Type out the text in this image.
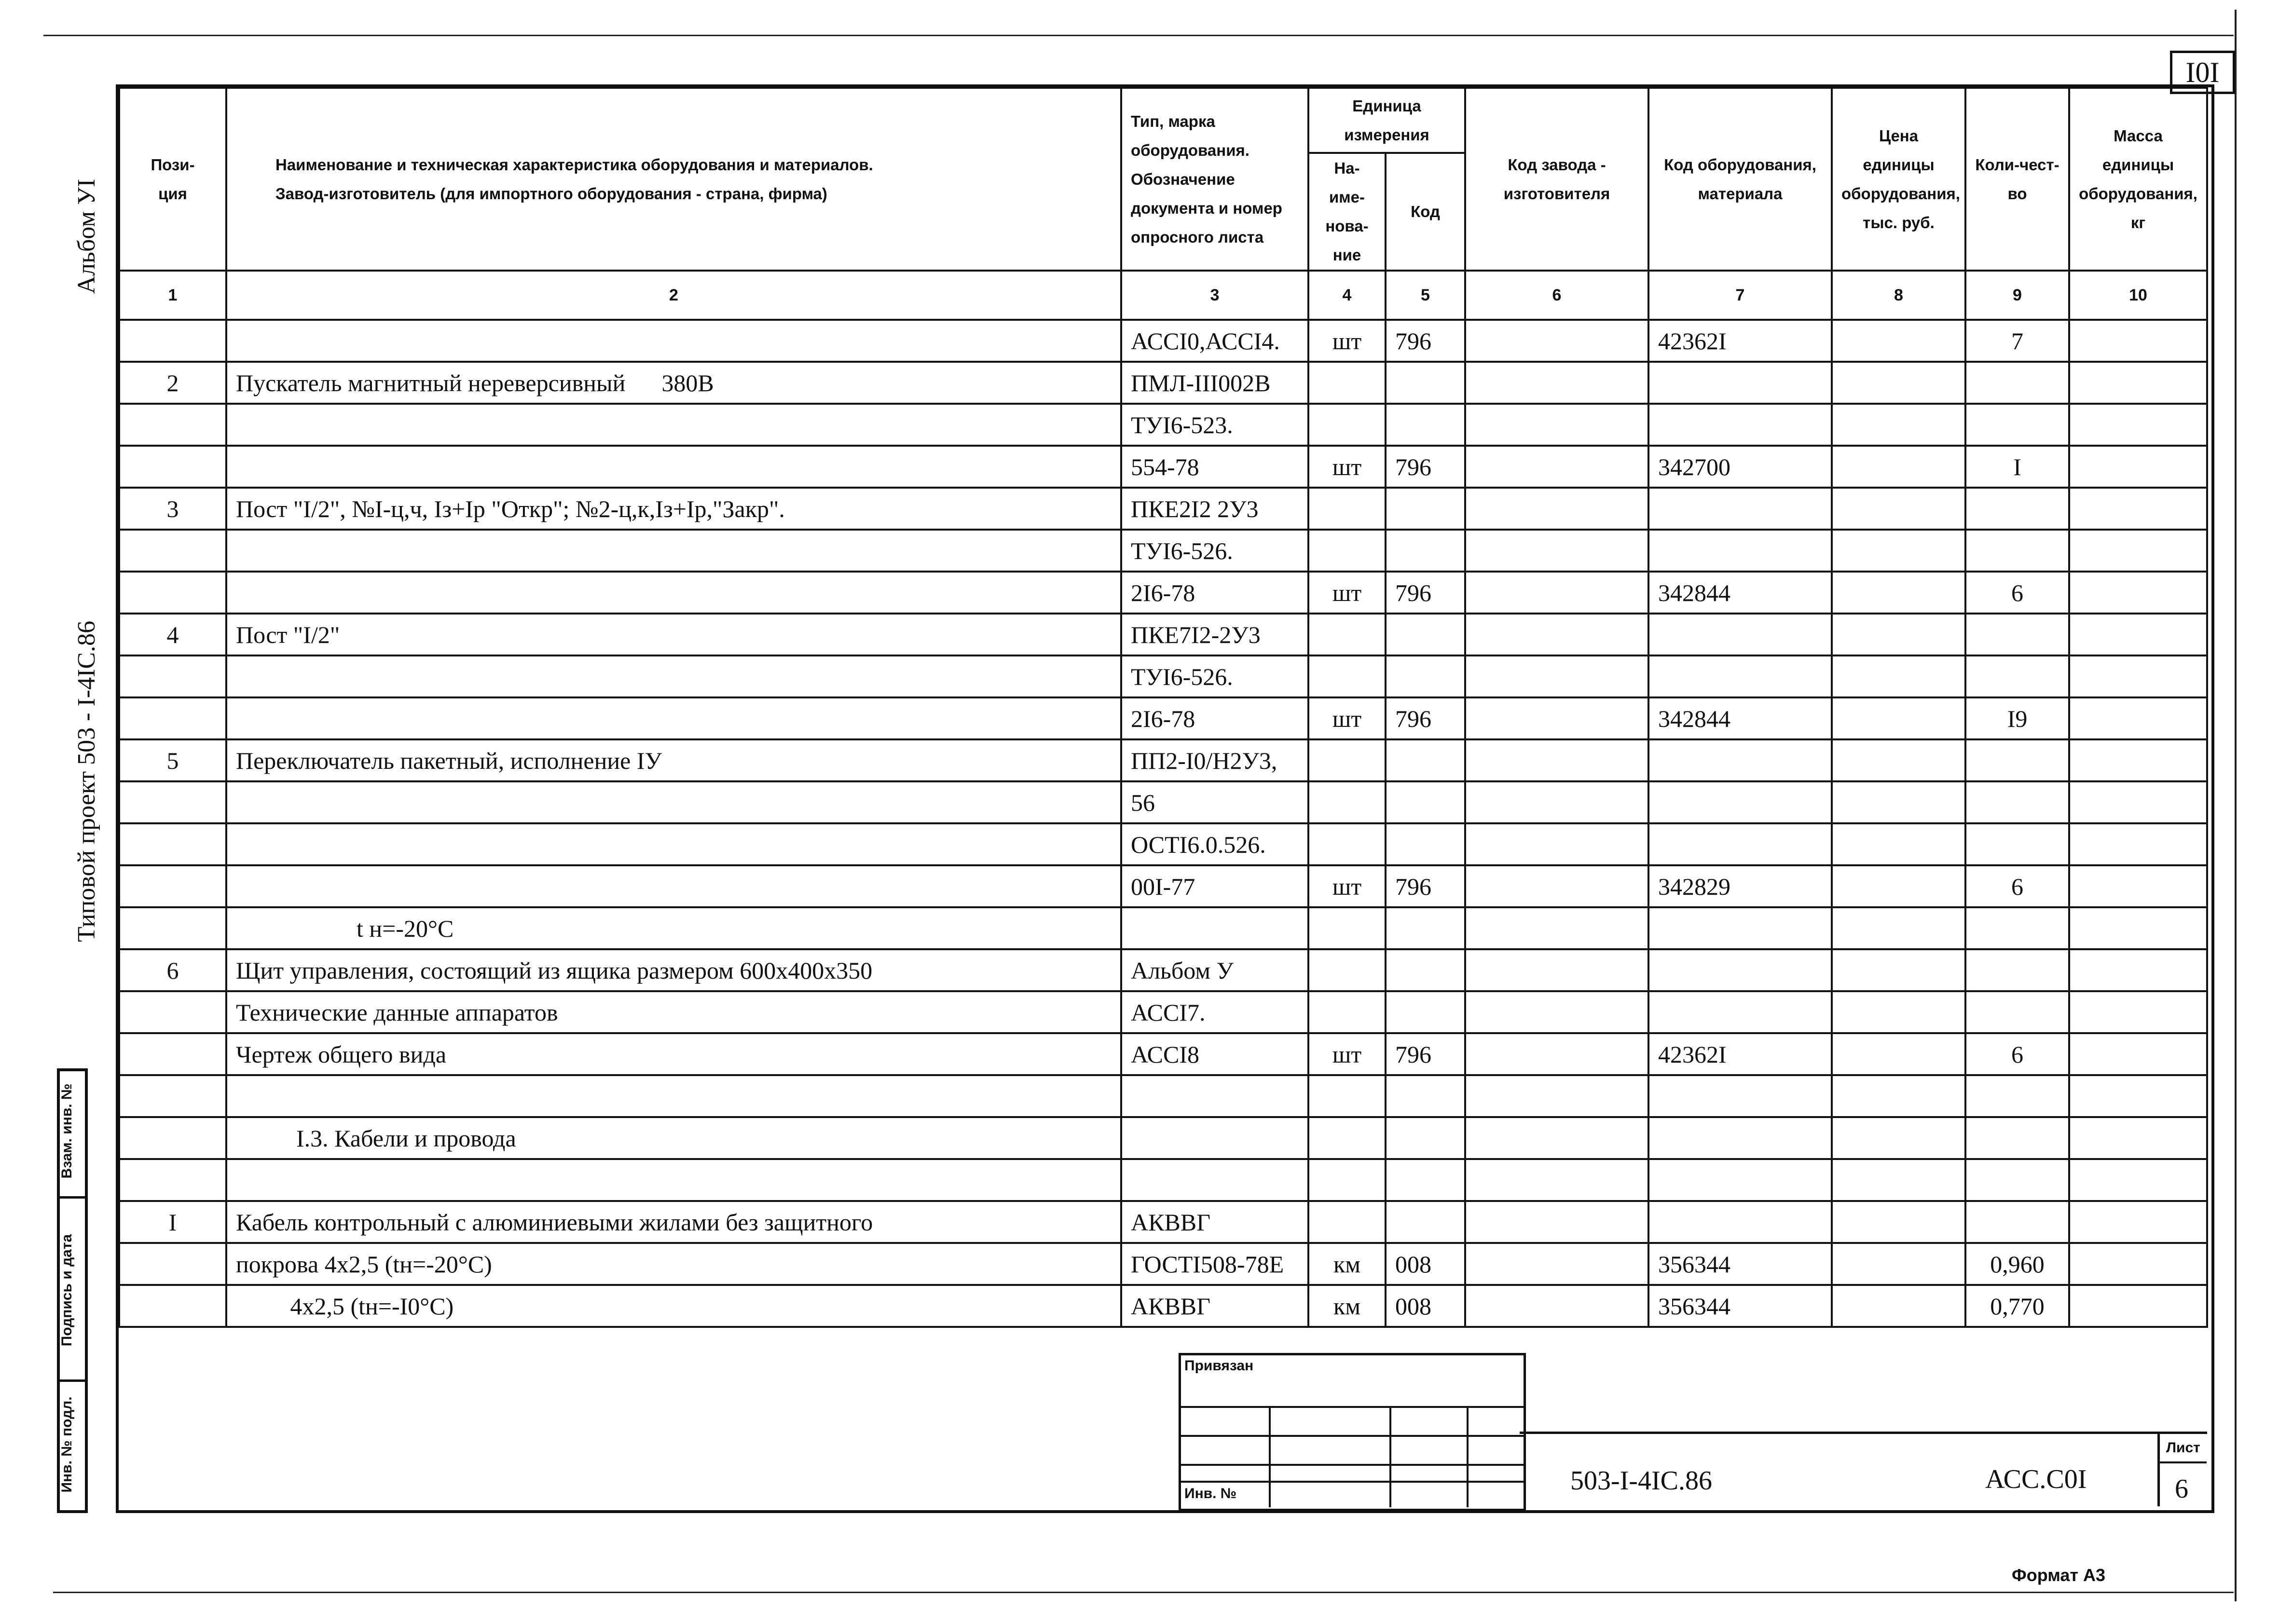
I0I
Альбом УI
Типовой проект 503 - I-4IC.86
Взам. инв. №
Подпись и дата
Инв. № подл.
Пози-
ция	Наименование и техническая характеристика оборудования и материалов.
Завод-изготовитель (для импортного оборудования - страна, фирма)	Тип, марка оборудования. Обозначение документа и номер опросного листа	Единица измерения		Код завода - изготовителя	Код оборудования, материала	Цена единицы оборудования, тыс. руб.	Коли-чест-во	Масса единицы оборудования, кг
			На-име-нова-ние	Код					
1	2	3	4	5	6	7	8	9	10
		АССI0,АССI4.	шт	796		42362I		7	
2	Пускатель магнитный нереверсивный      380В	ПМЛ-III002В							
		ТУI6-523.							
		554-78	шт	796		342700		I	
3	Пост "I/2", №I-ц,ч, Iз+Iр "Откр"; №2-ц,к,Iз+Iр,"Закр".	ПКЕ2I2 2У3							
		ТУI6-526.							
		2I6-78	шт	796		342844		6	
4	Пост "I/2"	ПКЕ7I2-2У3							
		ТУI6-526.							
		2I6-78	шт	796		342844		I9	
5	Переключатель пакетный, исполнение IУ	ПП2-I0/Н2У3,							
		56							
		ОСТI6.0.526.							
		00I-77	шт	796		342829		6	
	t н=-20°С								
6	Щит управления, состоящий из ящика размером 600х400х350	Альбом У							
	Технические данные аппаратов	АССI7.							
	Чертеж общего вида	АССI8	шт	796		42362I		6	

	I.3. Кабели и провода								

I	Кабель контрольный с алюминиевыми жилами без защитного	АКВВГ							
	покрова 4х2,5 (tн=-20°С)	ГОСТI508-78Е	км	008		356344		0,960	
	4х2,5 (tн=-I0°С)	АКВВГ	км	008		356344		0,770	
Привязан
Инв. №	503-I-4IC.86	АСС.С0I
Лист
6
Формат А3
